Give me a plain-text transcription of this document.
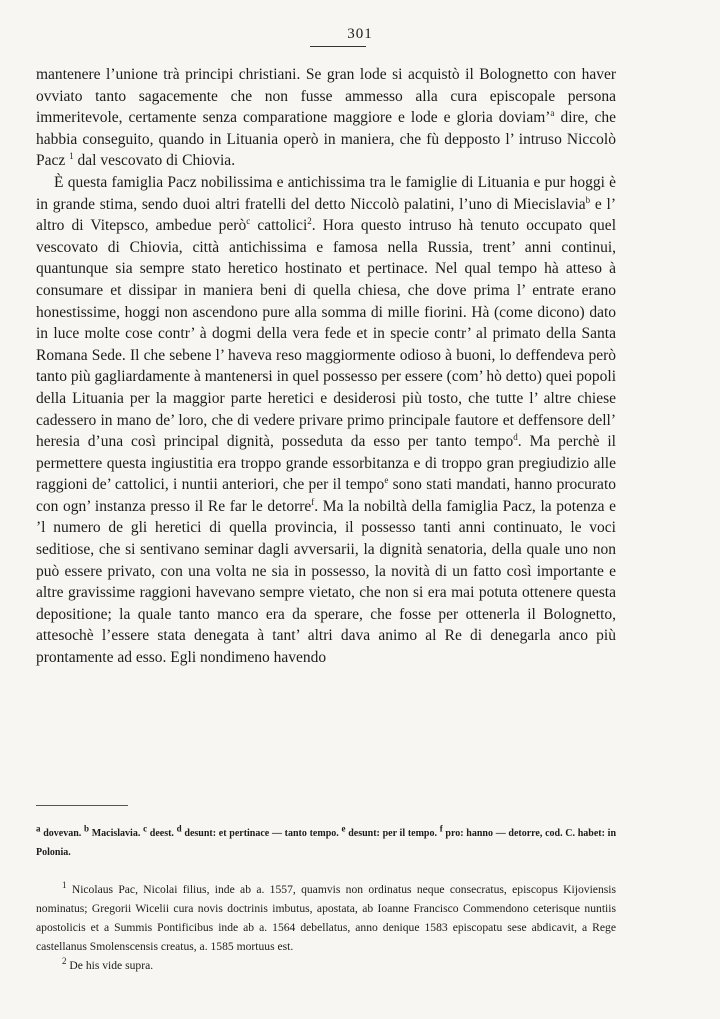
301

mantenere l’unione trà principi christiani. Se gran lode si acquistò il Bolognetto con haver ovviato tanto sagacemente che non fusse ammesso alla cura episcopale persona immeritevole, certamente senza comparatione maggiore e lode e gloria doviam’$^a$ dire, che habbia conseguito, quando in Lituania operò in maniera, che fù depposto l’ intruso Niccolò Pacz $^1$ dal vescovato di Chiovia.

È questa famiglia Pacz nobilissima e antichissima tra le famiglie di Lituania e pur hoggi è in grande stima, sendo duoi altri fratelli del detto Niccolò palatini, l’uno di Miecislavia$^b$ e l’ altro di Vitepsco, ambedue però$^c$ cattolici$^2$. Hora questo intruso hà tenuto occupato quel vescovato di Chiovia, città antichissima e famosa nella Russia, trent’ anni continui, quantunque sia sempre stato heretico hostinato et pertinace. Nel qual tempo hà atteso à consumare et dissipar in maniera beni di quella chiesa, che dove prima l’ entrate erano honestissime, hoggi non ascendono pure alla somma di mille fiorini. Hà (come dicono) dato in luce molte cose contr’ à dogmi della vera fede et in specie contr’ al primato della Santa Romana Sede. Il che sebene l’ haveva reso maggiormente odioso à buoni, lo deffendeva però tanto più gagliardamente à mantenersi in quel possesso per essere (com’ hò detto) quei popoli della Lituania per la maggior parte heretici e desiderosi più tosto, che tutte l’ altre chiese cadessero in mano de’ loro, che di vedere privare primo principale fautore et deffensore dell’ heresia d’una così principal dignità, posseduta da esso per tanto tempo$^d$. Ma perchè il permettere questa ingiustitia era troppo grande essorbitanza e di troppo gran pregiudizio alle raggioni de’ cattolici, i nuntii anteriori, che per il tempo$^e$ sono stati mandati, hanno procurato con ogn’ instanza presso il Re far le detorre$^f$. Ma la nobiltà della famiglia Pacz, la potenza e ’l numero de gli heretici di quella provincia, il possesso tanti anni continuato, le voci seditiose, che si sentivano seminar dagli avversarii, la dignità senatoria, della quale uno non può essere privato, con una volta ne sia in possesso, la novità di un fatto così importante e altre gravissime raggioni havevano sempre vietato, che non si era mai potuta ottenere questa depositione; la quale tanto manco era da sperare, che fosse per ottenerla il Bolognetto, attesochè l’essere stata denegata à tant’ altri dava animo al Re di denegarla anco più prontamente ad esso. Egli nondimeno havendo

$^a$ dovevan. $^b$ Macislavia. $^c$ deest. $^d$ desunt: et pertinace — tanto tempo. $^e$ desunt: per il tempo. $^f$ pro: hanno — detorre, cod. C. habet: in Polonia.

$^1$ Nicolaus Pac, Nicolai filius, inde ab a. 1557, quamvis non ordinatus neque consecratus, episcopus Kijoviensis nominatus; Gregorii Wicelii cura novis doctrinis imbutus, apostata, ab Ioanne Francisco Commendono ceterisque nuntiis apostolicis et a Summis Pontificibus inde ab a. 1564 debellatus, anno denique 1583 episcopatu sese abdicavit, a Rege castellanus Smolenscensis creatus, a. 1585 mortuus est.

$^2$ De his vide supra.
